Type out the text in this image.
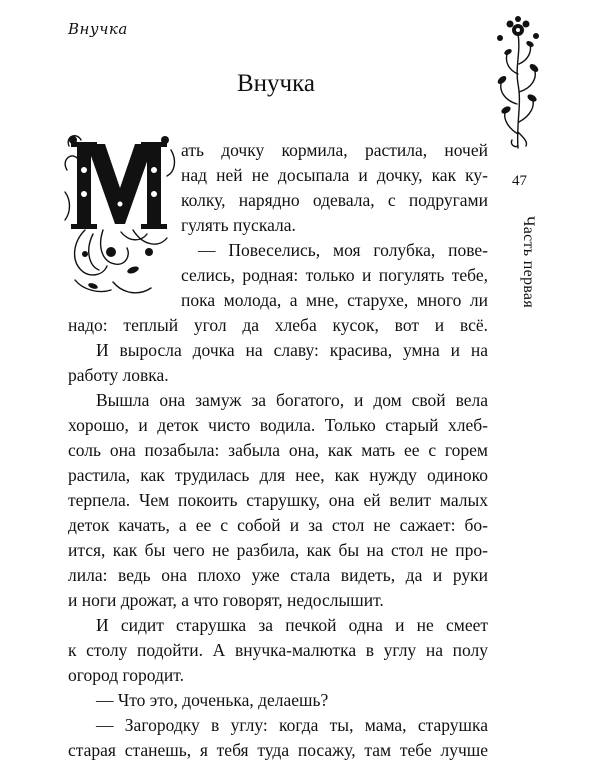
Внучка
47
Часть первая
Внучка
М
ать дочку кормила, растила, ночей
над ней не досыпала и дочку, как ку-
колку, нарядно одевала, с подругами
гулять пускала.
— Повеселись, моя голубка, пове-
селись, родная: только и погулять тебе,
пока молода, а мне, старухе, много ли
надо: теплый угол да хлеба кусок, вот и всё.
И выросла дочка на славу: красива, умна и на
работу ловка.
Вышла она замуж за богатого, и дом свой вела
хорошо, и деток чисто водила. Только старый хлеб-
соль она позабыла: забыла она, как мать ее с горем
растила, как трудилась для нее, как нужду одиноко
терпела. Чем покоить старушку, она ей велит малых
деток качать, а ее с собой и за стол не сажает: бо-
ится, как бы чего не разбила, как бы на стол не про-
лила: ведь она плохо уже стала видеть, да и руки
и ноги дрожат, а что говорят, недослышит.
И сидит старушка за печкой одна и не смеет
к столу подойти. А внучка-малютка в углу на полу
огород городит.
— Что это, доченька, делаешь?
— Загородку в углу: когда ты, мама, старушка
старая станешь, я тебя туда посажу, там тебе лучше
